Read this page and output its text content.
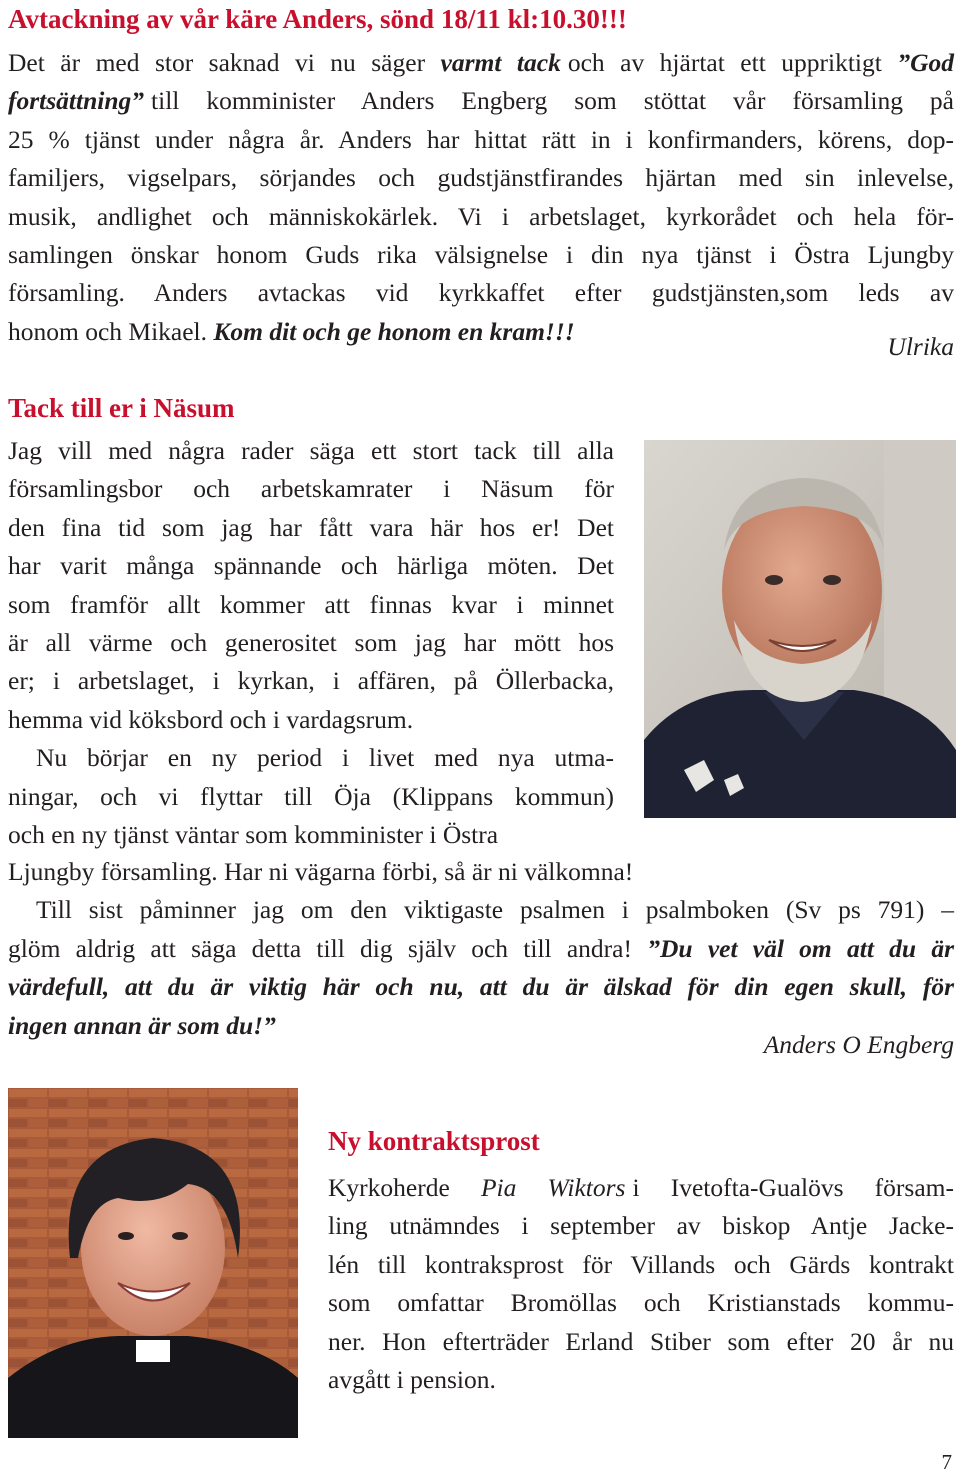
Avtackning av vår käre Anders, sönd 18/11 kl:10.30!!!
Det är med stor saknad vi nu säger varmt tack och av hjärtat ett uppriktigt ”God
fortsättning” till komminister Anders Engberg som stöttat vår församling på
25 % tjänst under några år. Anders har hittat rätt in i konfirmanders, körens, dop-
familjers, vigselpars, sörjandes och gudstjänstfirandes hjärtan med sin inlevelse,
musik, andlighet och människokärlek. Vi i arbetslaget, kyrkorådet och hela för-
samlingen önskar honom Guds rika välsignelse i din nya tjänst i Östra Ljungby
församling. Anders avtackas vid kyrkkaffet efter gudstjänsten,som leds av
honom och Mikael. Kom dit och ge honom en kram!!!

Ulrika

Tack till er i Näsum
Jag vill med några rader säga ett stort tack till alla
församlingsbor och arbetskamrater i Näsum för
den fina tid som jag har fått vara här hos er! Det
har varit många spännande och härliga möten. Det
som framför allt kommer att finnas kvar i minnet
är all värme och generositet som jag har mött hos
er; i arbetslaget, i kyrkan, i affären, på Öllerbacka,
hemma vid köksbord och i vardagsrum.
Nu börjar en ny period i livet med nya utma-
ningar, och vi flyttar till Öja (Klippans kommun)
och en ny tjänst väntar som komminister i Östra
Ljungby församling. Har ni vägarna förbi, så är ni välkomna!
Till sist påminner jag om den viktigaste psalmen i psalmboken (Sv ps 791) –
glöm aldrig att säga detta till dig själv och till andra! ”Du vet väl om att du är
värdefull, att du är viktig här och nu, att du är älskad för din egen skull, för
ingen annan är som du!”

Anders O Engberg

Ny kontraktsprost
Kyrkoherde Pia Wiktors i Ivetofta-Gualövs försam-
ling utnämndes i september av biskop Antje Jacke-
lén till kontraksprost för Villands och Gärds kontrakt
som omfattar Bromöllas och Kristianstads kommu-
ner. Hon efterträder Erland Stiber som efter 20 år nu
avgått i pension.
7
